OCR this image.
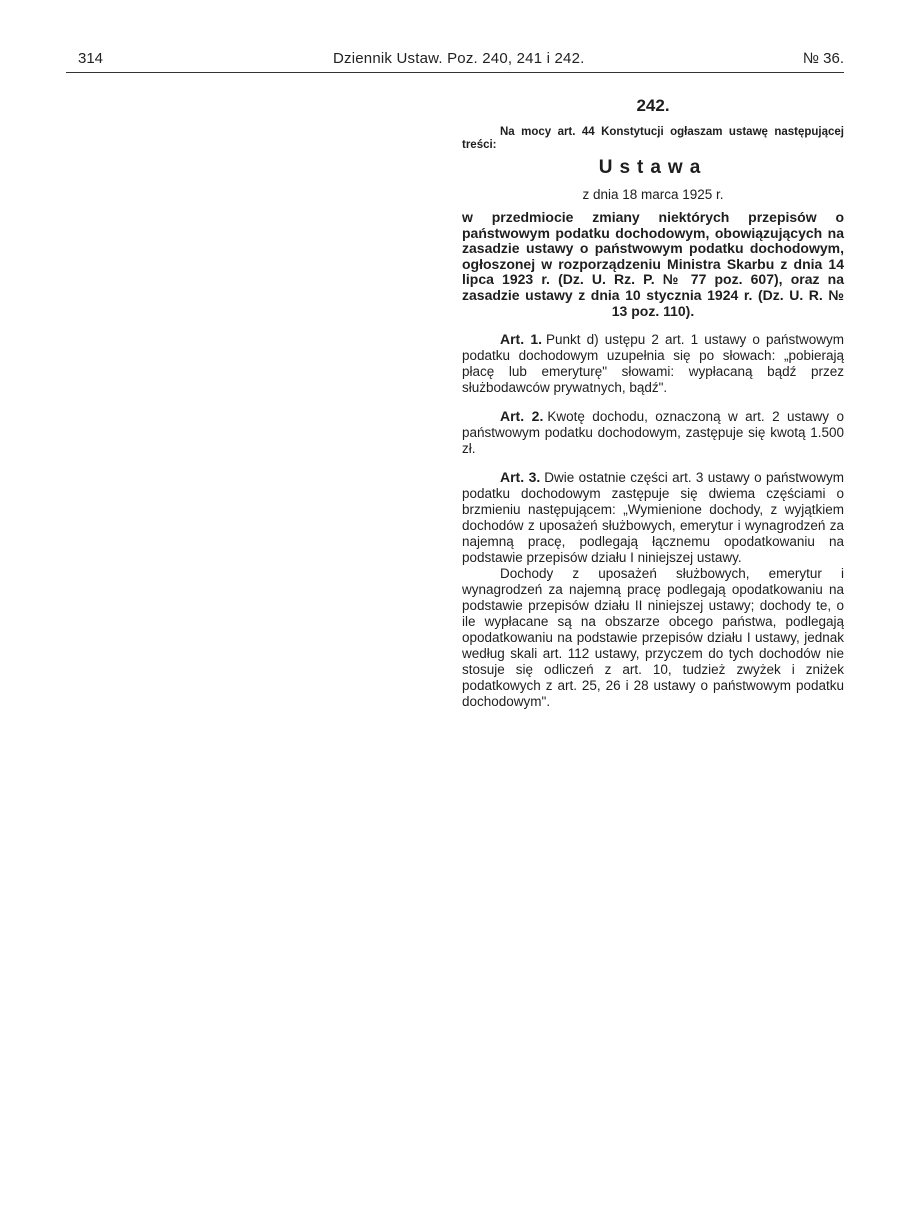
314	Dziennik Ustaw. Poz. 240, 241 i 242.	№ 36.
242.

Na mocy art. 44 Konstytucji ogłaszam ustawę następującej treści:

Ustawa
z dnia 18 marca 1925 r.

w przedmiocie zmiany niektórych przepisów o państwowym podatku dochodowym, obowiązujących na zasadzie ustawy o państwowym podatku dochodowym, ogłoszonej w rozporządzeniu Ministra Skarbu z dnia 14 lipca 1923 r. (Dz. U. Rz. P. № 77 poz. 607), oraz na zasadzie ustawy z dnia 10 stycznia 1924 r. (Dz. U. R. № 13 poz. 110).

Art. 1. Punkt d) ustępu 2 art. 1 ustawy o państwowym podatku dochodowym uzupełnia się po słowach: „pobierają płacę lub emeryturę" słowami: wypłacaną bądź przez służbodawców prywatnych, bądź".

Art. 2. Kwotę dochodu, oznaczoną w art. 2 ustawy o państwowym podatku dochodowym, zastępuje się kwotą 1.500 zł.

Art. 3. Dwie ostatnie części art. 3 ustawy o państwowym podatku dochodowym zastępuje się dwiema częściami o brzmieniu następującem: „Wymienione dochody, z wyjątkiem dochodów z uposażeń służbowych, emerytur i wynagrodzeń za najemną pracę, podlegają łącznemu opodatkowaniu na podstawie przepisów działu I niniejszej ustawy.

Dochody z uposażeń służbowych, emerytur i wynagrodzeń za najemną pracę podlegają opodatkowaniu na podstawie przepisów działu II niniejszej ustawy; dochody te, o ile wypłacane są na obszarze obcego państwa, podlegają opodatkowaniu na podstawie przepisów działu I ustawy, jednak według skali art. 112 ustawy, przyczem do tych dochodów nie stosuje się odliczeń z art. 10, tudzież zwyżek i zniżek podatkowych z art. 25, 26 i 28 ustawy o państwowym podatku dochodowym".
